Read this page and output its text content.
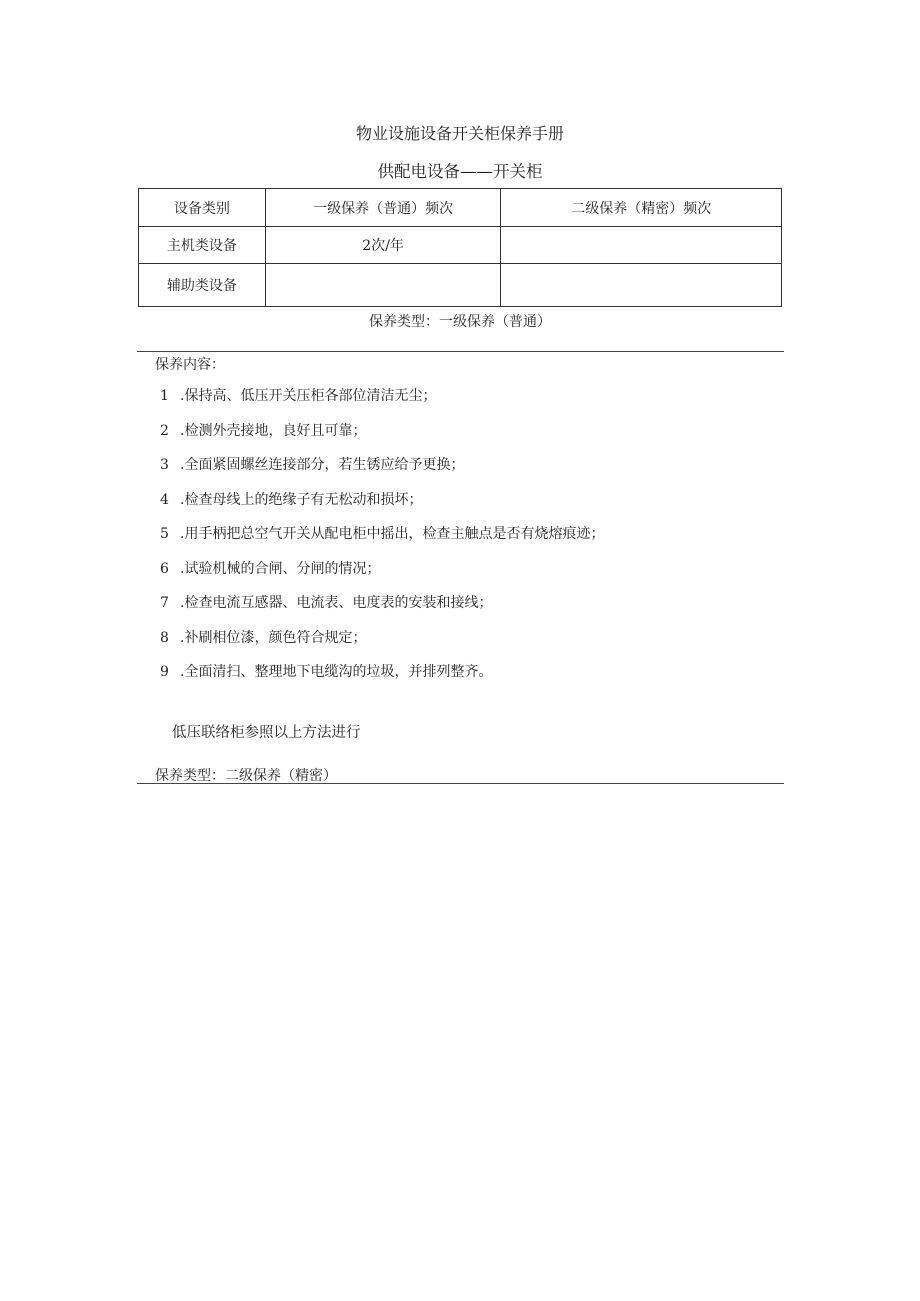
物业设施设备开关柜保养手册
供配电设备——开关柜
设备类别	一级保养（普通）频次	二级保养（精密）频次
主机类设备	2次/年	
辅助类设备		
保养类型：一级保养（普通）
保养内容：
1 .保持高、低压开关压柜各部位清洁无尘；
2 .检测外壳接地，良好且可靠；
3 .全面紧固螺丝连接部分，若生锈应给予更换；
4 .检查母线上的绝缘子有无松动和损坏；
5 .用手柄把总空气开关从配电柜中摇出，检查主触点是否有烧熔痕迹；
6 .试验机械的合闸、分闸的情况；
7 .检查电流互感器、电流表、电度表的安装和接线；
8 .补刷相位漆，颜色符合规定；
9 .全面清扫、整理地下电缆沟的垃圾，并排列整齐。
低压联络柜参照以上方法进行
保养类型：二级保养（精密）
